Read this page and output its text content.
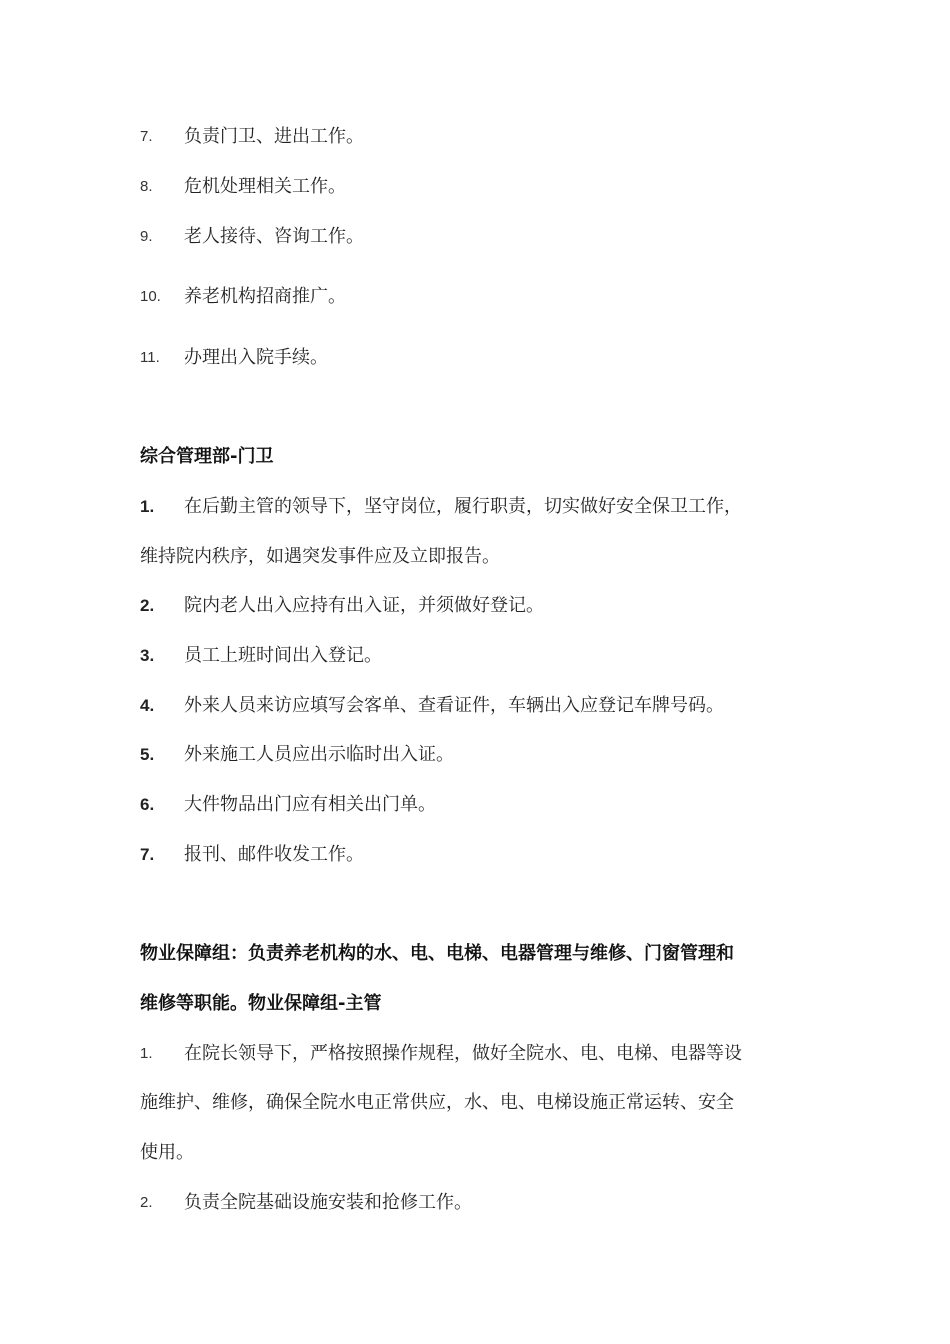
7. 负责门卫、进出工作。
8. 危机处理相关工作。
9. 老人接待、咨询工作。
10. 养老机构招商推广。
11. 办理出入院手续。
综合管理部-门卫
1. 在后勤主管的领导下，坚守岗位，履行职责，切实做好安全保卫工作，
维持院内秩序，如遇突发事件应及立即报告。
2. 院内老人出入应持有出入证，并须做好登记。
3. 员工上班时间出入登记。
4. 外来人员来访应填写会客单、查看证件，车辆出入应登记车牌号码。
5. 外来施工人员应出示临时出入证。
6. 大件物品出门应有相关出门单。
7. 报刊、邮件收发工作。
物业保障组：负责养老机构的水、电、电梯、电器管理与维修、门窗管理和
维修等职能。物业保障组-主管
1. 在院长领导下，严格按照操作规程，做好全院水、电、电梯、电器等设
施维护、维修，确保全院水电正常供应，水、电、电梯设施正常运转、安全
使用。
2. 负责全院基础设施安装和抢修工作。
